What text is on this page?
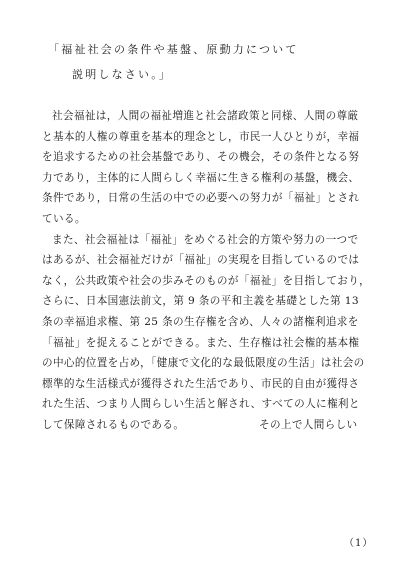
「福祉社会の条件や基盤、原動力について
説明しなさい。」
社会福祉は，人間の福祉増進と社会諸政策と同様、人間の尊厳
と基本的人権の尊重を基本的理念とし，市民一人ひとりが，幸福
を追求するための社会基盤であり、その機会，その条件となる努
力であり，主体的に人間らしく幸福に生きる権利の基盤，機会、
条件であり，日常の生活の中での必要への努力が「福祉」とされ
ている。
また、社会福祉は「福祉」をめぐる社会的方策や努力の一つで
はあるが、社会福祉だけが「福祉」の実現を目指しているのでは
なく，公共政策や社会の歩みそのものが「福祉」を目指しており，
さらに、日本国憲法前文，第 9 条の平和主義を基礎とした第 13
条の幸福追求権、第 25 条の生存権を含め、人々の諸権利追求を
「福祉」を捉えることができる。また、生存権は社会権的基本権
の中心的位置を占め，「健康で文化的な最低限度の生活」は社会の
標準的な生活様式が獲得された生活であり、市民的自由が獲得さ
れた生活、つまり人間らしい生活と解され、すべての人に権利と
して保障されるものである。	その上で人間らしい
（1）
